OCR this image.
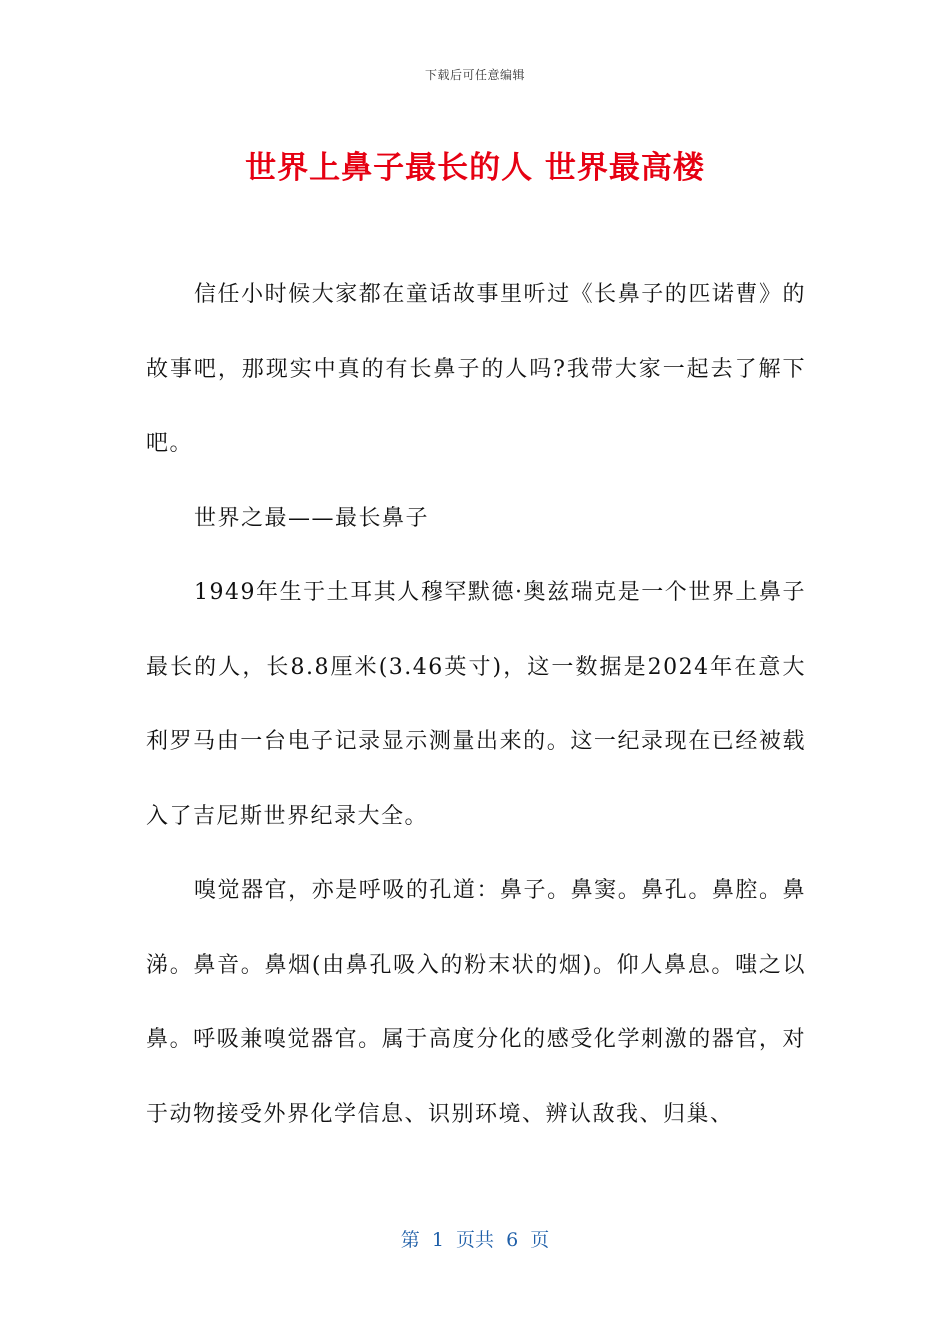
下载后可任意编辑
世界上鼻子最长的人 世界最高楼

信任小时候大家都在童话故事里听过《长鼻子的匹诺曹》的故事吧，那现实中真的有长鼻子的人吗?我带大家一起去了解下吧。

世界之最——最长鼻子

1949年生于土耳其人穆罕默德·奥兹瑞克是一个世界上鼻子最长的人，长8.8厘米(3.46英寸)，这一数据是2024年在意大利罗马由一台电子记录显示测量出来的。这一纪录现在已经被载入了吉尼斯世界纪录大全。

嗅觉器官，亦是呼吸的孔道：鼻子。鼻窦。鼻孔。鼻腔。鼻涕。鼻音。鼻烟(由鼻孔吸入的粉末状的烟)。仰人鼻息。嗤之以鼻。呼吸兼嗅觉器官。属于高度分化的感受化学刺激的器官，对于动物接受外界化学信息、识别环境、辨认敌我、归巢、

第  1  页共  6  页
